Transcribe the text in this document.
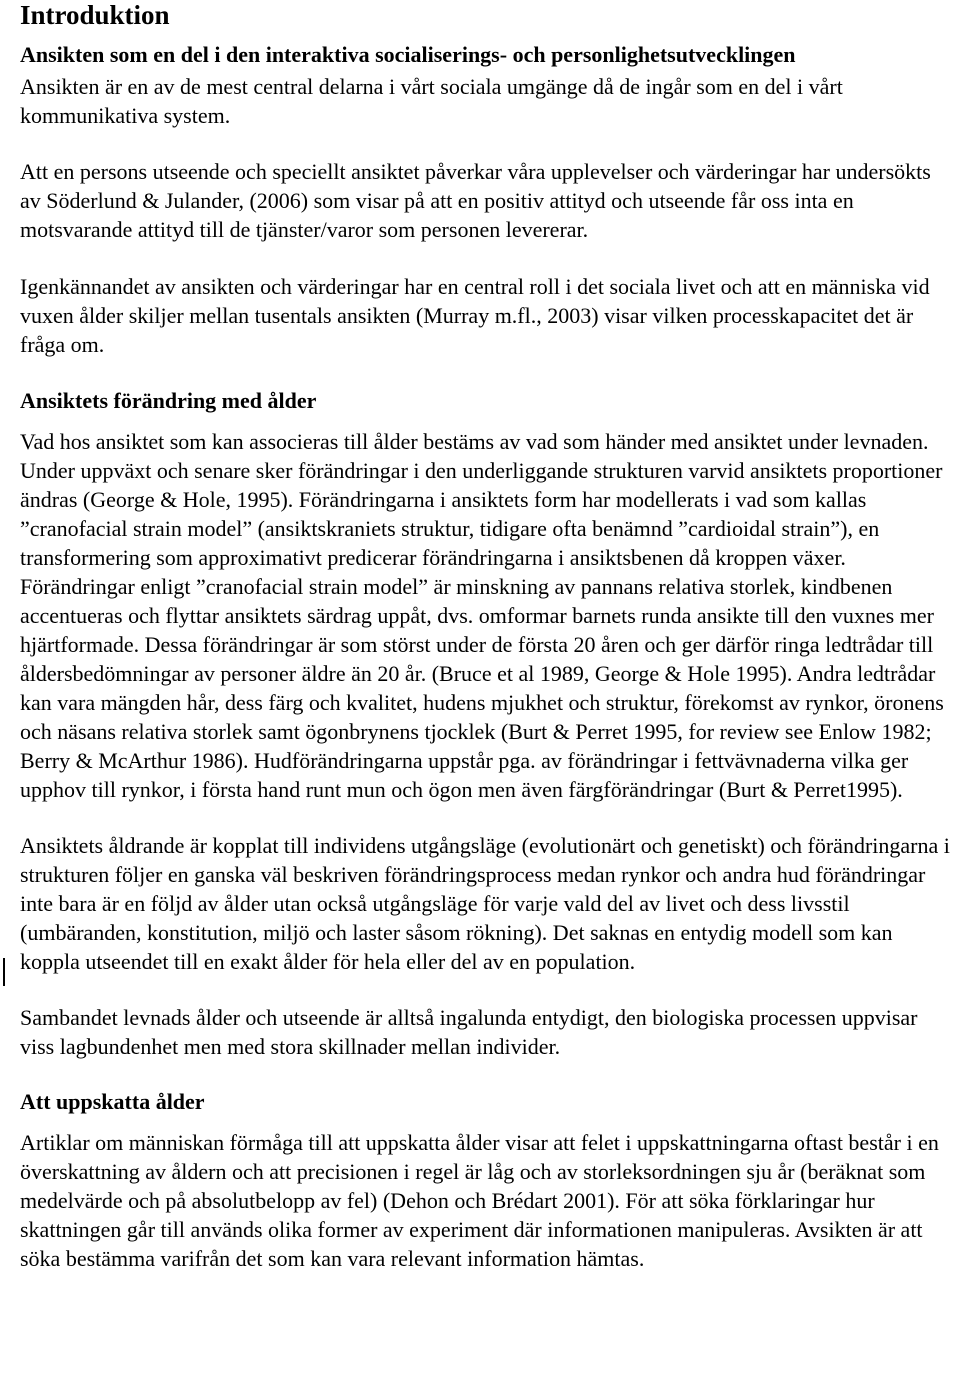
Introduktion
Ansikten som en del i den interaktiva socialiserings- och personlighetsutvecklingen

Ansikten är en av de mest central delarna i vårt sociala umgänge då de ingår som en del i vårt kommunikativa system.

Att en persons utseende och speciellt ansiktet påverkar våra upplevelser och värderingar har undersökts av Söderlund & Julander, (2006) som visar på att en positiv attityd och utseende får oss inta en motsvarande attityd till de tjänster/varor som personen levererar.

Igenkännandet av ansikten och värderingar har en central roll i det sociala livet och att en människa vid vuxen ålder skiljer mellan tusentals ansikten (Murray m.fl., 2003) visar vilken processkapacitet det är fråga om.

Ansiktets förändring med ålder

Vad hos ansiktet som kan associeras till ålder bestäms av vad som händer med ansiktet under levnaden. Under uppväxt och senare sker förändringar i den underliggande strukturen varvid ansiktets proportioner ändras (George & Hole, 1995). Förändringarna i ansiktets form har modellerats i vad som kallas ”cranofacial strain model” (ansiktskraniets struktur, tidigare ofta benämnd ”cardioidal strain”), en transformering som approximativt predicerar förändringarna i ansiktsbenen då kroppen växer. Förändringar enligt ”cranofacial strain model” är minskning av pannans relativa storlek, kindbenen accentueras och flyttar ansiktets särdrag uppåt, dvs. omformar barnets runda ansikte till den vuxnes mer hjärtformade. Dessa förändringar är som störst under de första 20 åren och ger därför ringa ledtrådar till åldersbedömningar av personer äldre än 20 år. (Bruce et al 1989, George & Hole 1995). Andra ledtrådar kan vara mängden hår, dess färg och kvalitet, hudens mjukhet och struktur, förekomst av rynkor, öronens och näsans relativa storlek samt ögonbrynens tjocklek (Burt & Perret 1995, for review see Enlow 1982; Berry & McArthur 1986). Hudförändringarna uppstår pga. av förändringar i fettvävnaderna vilka ger upphov till rynkor, i första hand runt mun och ögon men även färgförändringar (Burt & Perret1995).

Ansiktets åldrande är kopplat till individens utgångsläge (evolutionärt och genetiskt) och förändringarna i strukturen följer en ganska väl beskriven förändringsprocess medan rynkor och andra hud förändringar inte bara är en följd av ålder utan också utgångsläge för varje vald del av livet och dess livsstil (umbäranden, konstitution, miljö och laster såsom rökning). Det saknas en entydig modell som kan koppla utseendet till en exakt ålder för hela eller del av en population.

Sambandet levnads ålder och utseende är alltså ingalunda entydigt, den biologiska processen uppvisar viss lagbundenhet men med stora skillnader mellan individer.

Att uppskatta ålder

Artiklar om människan förmåga till att uppskatta ålder visar att felet i uppskattningarna oftast består i en överskattning av åldern och att precisionen i regel är låg och av storleksordningen sju år (beräknat som medelvärde och på absolutbelopp av fel) (Dehon och Brédart 2001). För att söka förklaringar hur skattningen går till används olika former av experiment där informationen manipuleras. Avsikten är att söka bestämma varifrån det som kan vara relevant information hämtas.
